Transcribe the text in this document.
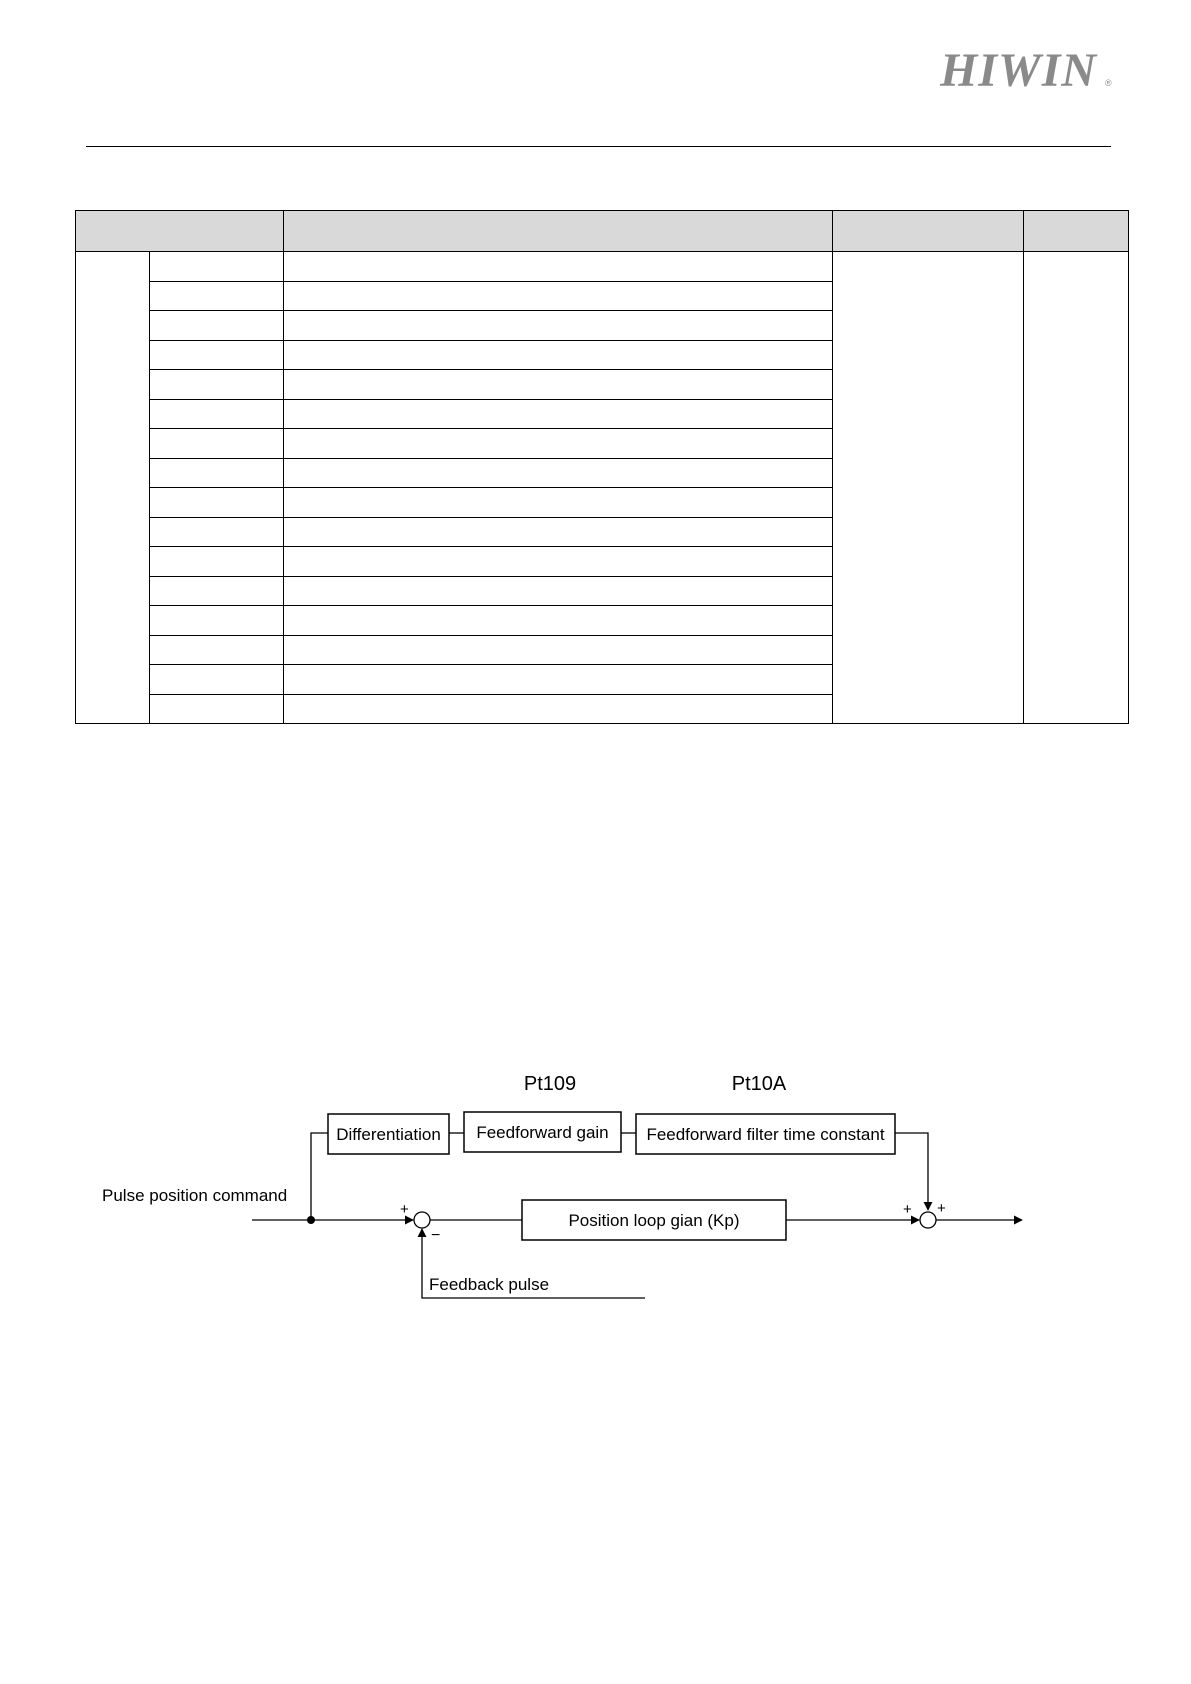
HIWIN ®

Pt109	Pt10A
Differentiation Feedforward gain Feedforward filter time constant
Pulse position command
+
−
Position loop gian (Kp)
+ +
Feedback pulse
